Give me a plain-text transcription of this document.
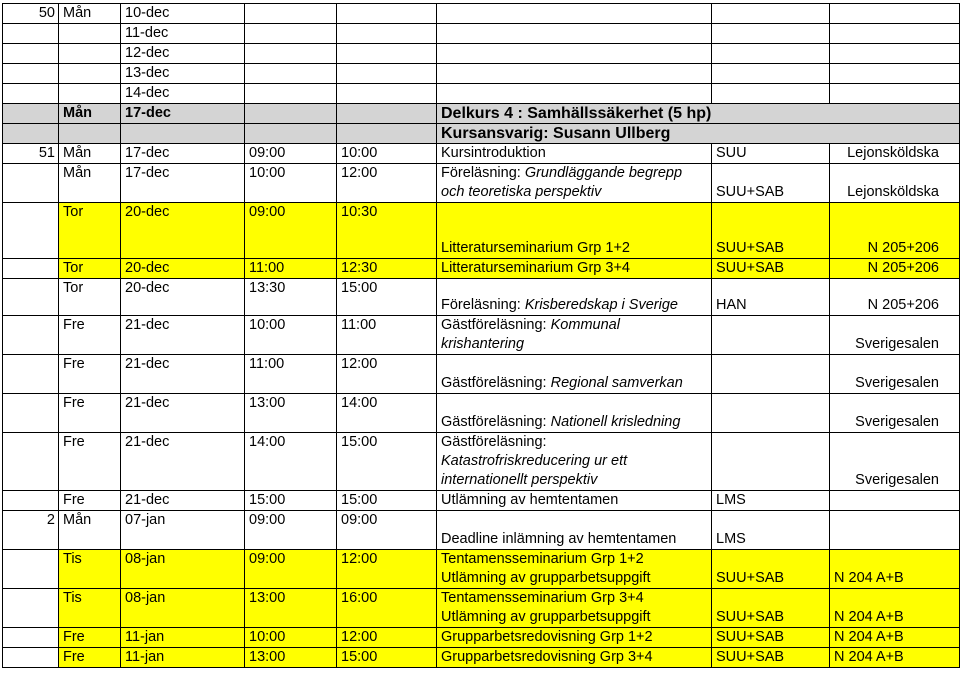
50	Mån	10-dec					
		11-dec					
		12-dec					
		13-dec					
		14-dec					
	Mån	17-dec			Delkurs 4 : Samhällssäkerhet (5 hp)		
					Kursansvarig: Susann Ullberg		
51	Mån	17-dec	09:00	10:00	Kursintroduktion	SUU	Lejonsköldska
	Mån	17-dec	10:00	12:00	Föreläsning: Grundläggande begrepp
och teoretiska perspektiv	SUU+SAB	Lejonsköldska
	Tor	20-dec	09:00	10:30	Litteraturseminarium Grp 1+2	SUU+SAB	N 205+206
	Tor	20-dec	11:00	12:30	Litteraturseminarium Grp 3+4	SUU+SAB	N 205+206
	Tor	20-dec	13:30	15:00	Föreläsning: Krisberedskap i Sverige	HAN	N 205+206
	Fre	21-dec	10:00	11:00	Gästföreläsning: Kommunal
krishantering		Sverigesalen
	Fre	21-dec	11:00	12:00	Gästföreläsning: Regional samverkan		Sverigesalen
	Fre	21-dec	13:00	14:00	Gästföreläsning: Nationell krisledning		Sverigesalen
	Fre	21-dec	14:00	15:00	Gästföreläsning:
Katastrofriskreducering ur ett
internationellt perspektiv		Sverigesalen
	Fre	21-dec	15:00	15:00	Utlämning av hemtentamen	LMS	
2	Mån	07-jan	09:00	09:00	Deadline inlämning av hemtentamen	LMS	
	Tis	08-jan	09:00	12:00	Tentamensseminarium Grp 1+2
Utlämning av grupparbetsuppgift	SUU+SAB	N 204 A+B
	Tis	08-jan	13:00	16:00	Tentamensseminarium Grp 3+4
Utlämning av grupparbetsuppgift	SUU+SAB	N 204 A+B
	Fre	11-jan	10:00	12:00	Grupparbetsredovisning Grp 1+2	SUU+SAB	N 204 A+B
	Fre	11-jan	13:00	15:00	Grupparbetsredovisning Grp 3+4	SUU+SAB	N 204 A+B
